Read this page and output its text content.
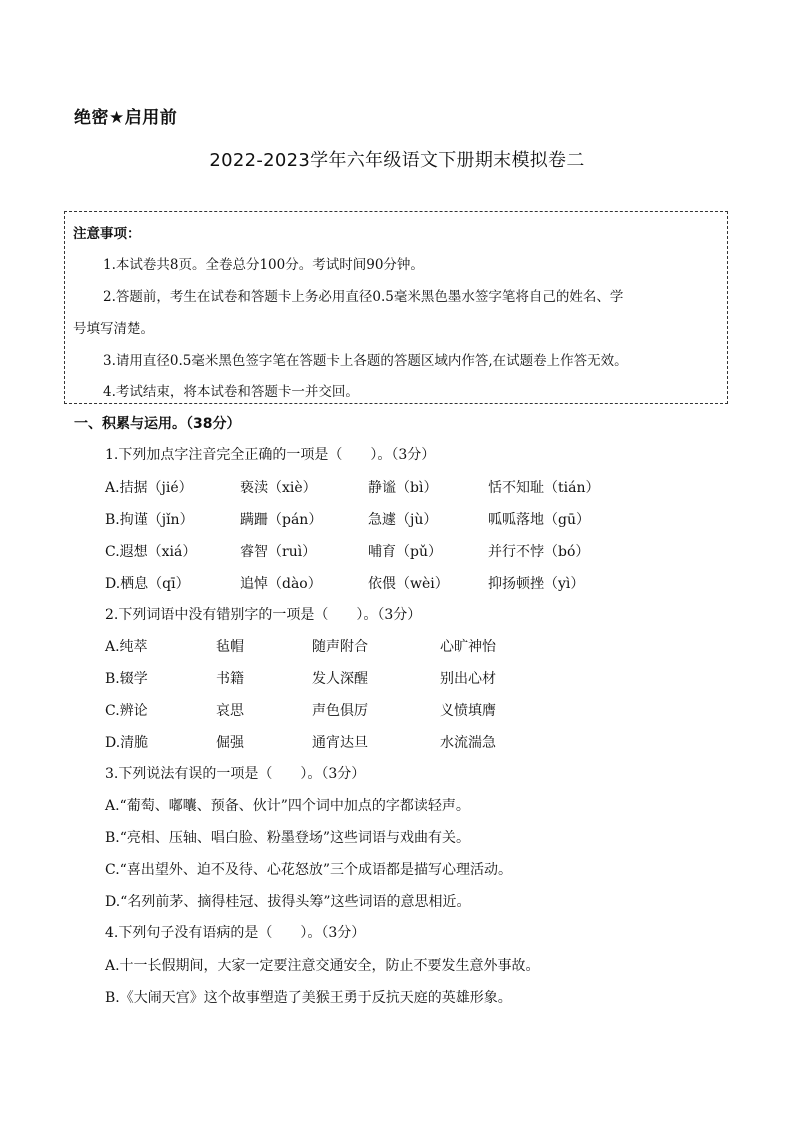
绝密★启用前
2022-2023学年六年级语文下册期末模拟卷二
注意事项：
1.本试卷共8页。全卷总分100分。考试时间90分钟。
2.答题前，考生在试卷和答题卡上务必用直径0.5毫米黑色墨水签字笔将自己的姓名、学
号填写清楚。
3.请用直径0.5毫米黑色签字笔在答题卡上各题的答题区域内作答,在试题卷上作答无效。
4.考试结束，将本试卷和答题卡一并交回。
一、积累与运用。（38分）
1.下列加点字注音完全正确的一项是（　　）。（3分）
A.拮据（jié）	亵渎（xiè）	静谧（bì）	恬不知耻（tián）
B.拘谨（jǐn）	蹒跚（pán）	急遽（jù）	呱呱落地（gū）
C.遐想（xiá）	睿智（ruì）	哺育（pǔ）	并行不悖（bó）
D.栖息（qī）	追悼（dào）	依偎（wèi）	抑扬顿挫（yì）
2.下列词语中没有错别字的一项是（　　）。（3分）
A.纯萃	毡帽	随声附合	心旷神怡
B.辍学	书籍	发人深醒	别出心材
C.辨论	哀思	声色俱厉	义愤填膺
D.清脆	倔强	通宵达旦	水流湍急
3.下列说法有误的一项是（　　）。（3分）
A.“葡萄、嘟囔、预备、伙计”四个词中加点的字都读轻声。
B.“亮相、压轴、唱白脸、粉墨登场”这些词语与戏曲有关。
C.“喜出望外、迫不及待、心花怒放”三个成语都是描写心理活动。
D.“名列前茅、摘得桂冠、拔得头筹”这些词语的意思相近。
4.下列句子没有语病的是（　　）。（3分）
A.十一长假期间，大家一定要注意交通安全，防止不要发生意外事故。
B.《大闹天宫》这个故事塑造了美猴王勇于反抗天庭的英雄形象。
